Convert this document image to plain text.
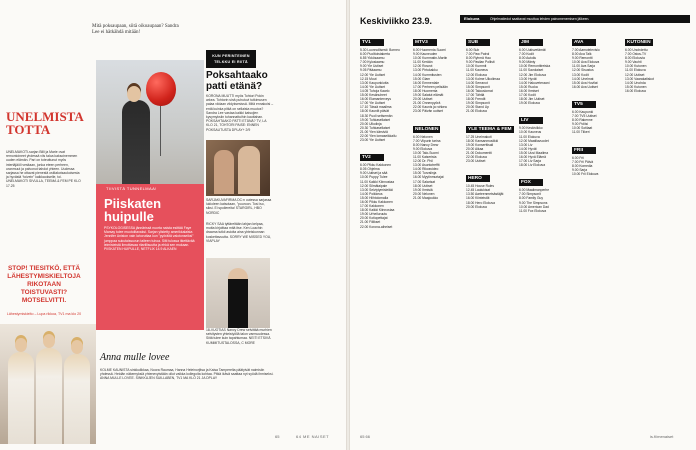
Mitä poksaupaan, siitä oikoaupaan? Sandra Lee ei hätkähdä mitään!
UNELMISTA TOTTA
UNELMAKOTI-sarjan Billi ja Marie ovat remontoineet yhdessä viis taloa kaksoinemmen uuden elämän. Pari on toteuttunut myös intertäjäöli vesitaan, jonka eteen perheen, uranmuut ja palvonut tahdot yhteen. Uudessa sarjassa he ottavat pienestä ostilakotsaukoisesta ja hyvästä “toivein” kaikkaokselle, toi. UNELMAKOTI SIVULLA, TEEMA & FEM PE KLO 17.25
STOP! TIESITKÖ, ETTÄ LÄHESTYMISKIELTOJA RIKOTAAN TOISTUVASTI? MOTSELVITTI.
Lähestymiskielto – Lupa rikkoa, TV1 ma klo 20
KUN PERINTEINEN TELKKU EI RIITÄ
Poksahtaako patti etänä?
KORONA MUUTTI myös Tohtori Pokin arkea. Tohtorin sinä puhutuvi tutkimusen palaa viidaan viidyksesissä. Mitä ennakoisi – entä kuinka pitkä on sellaista muutos? Sandra Lee vastaa kaikki katsojien kysymyksiin tuhannattuihin kauttahan. POKSAHTAAKO PATTI ETÄNÄ? TV, LA KLO 21, TOHTORI PAISE: ENNEN POKSAUTUSTA DPLAY+ 2/9
SARJAKUVAFIRMA DC:n uutessa sarjassa lukioleen katsotaan, ”puuroon. Tosi iso, siksi. Ei spoilereita! STARGIRL, HBO NORDIC
TIIVISTÄ TUNNELMAA!
Piiskaten huipulle
PSYKOLOGISESSA jännärissä nuorta naista esittää Faye Marsay tulee muotoiltavaksi. Sarjan ylistetty amerikkalaista Jennifer Aniston vain lahoruttaa kun ”pyöräitä valotonseiksi” jumppaa sukutaissuvun taiteen tuhoa. Silti tulossa itkettävää leimisteistä ilmoittavaa ritarillisuutta ja ehkä sen mukaan. PIISKATEN HUIPULLE, NETFLIX 14.9 ALKAEN
18-VUOTIAS Nancy Drew selvittää murhien selvitysten yhteistyöllä talon varmuudessa. Siitä tulee kuin tapahtumaa. NEITI ETSIVÄ KUMMITUSTALOSSA, C MORE
RICKY SAA tyttäreltään lahjan kelpaa, mutta kirjoittaa mitä itse. Ken Loachin draama tutkii asioita aina yhteiskunnan koskettavuutta. SORRY WE MISSED YOU, VIAPLAY
Anna mulle lovee
KOLME KAUNISTA sinkkulikkaa, Noora Raumaa, Hanna Heleinorjitsa ja Kaisa Tamperelta päätyivät naimisiin yhdessä. Heidän näkemyksiä yhtenevyistään ollut vaikka kollegoita kohtaa. Pitkä ikävä saattaa nyt syödä ihmiseksi. ANNA MULLE LOVEE. SINKKUJEN SUILLABEN, TV1 MA KLO 21 JA DPLAY
65	64 ME NAISET
Keskiviikko 23.9.	Elokuva	Ohjelmatiedot saattavat muuttua lehden painomenemisen jälkeen.
TV1
5.30 Luonnollisesti: Borneo
6.00 Puolitoistakerta
6.55 Ykkösaamu
7.00 Kylosiaamu
9.00 Yle Uutiset
9.05 Pääaamu
12.00 Yle Uutiset
12.15 Muut
13.00 Kaupunkiutta
14.00 Yle Uutiset
14.05 Tuhoja Kaarlo
15.00 Kesänuheet
16.00 Elamanterveys
17.00 Yle Uutiset
17.10 Tässä maailma
18.00 Kauniit päivät
18.30 Puoli seitsemän
19.00 Tuhkasellaiset
20.00 Ulkolinja
20.30 Tuhkasellaiset
21.00 Ylen kärsiviä
22.00 Ylen lomaseikkailu
23.00 Yle Uutiset
TV2
6.00 Pikku Kakkonen
8.05 Ohjelma
9.00 Uutiset ja sää
10.00 Puppy Tulee
11.00 Kaikki Kiinnostaa
12.00 Silmätaipale
13.00 Selviytymisleikki
14.00 Poikkeus
15.00 Hiihtolomalla
16.00 Pikku Kakkonen
17.00 Kakkonen
18.00 Kaikki Kiinnostaa
19.00 Urheiluruutu
20.00 Kotiopettajat
21.00 Fiilikset
22.00 Korona-aiheiset
MTV3
6.00 Huomenta Suomi
9.00 Kauneuden
10.00 Kummatin-Martin
11.00 Kerään
12.00 Rosvot
13.00 Pirtukakku
14.00 Kummitusten
15.00 Glam
16.00 Emmerdale
17.00 Perheen pelisään
18.00 Huomenta
19.00 Salatut elämät
20.00 Uutiset
21.00 Onnenpyörä
22.00 Kaunis ja rohkea
23.00 Päivän uutiset
NELONEN
6.00 Nelonen
7.00 Viipurin tarina
8.00 Nancy Drew
9.00 Elokuva
10.00 Talo-Suomi
11.00 Kaiserista
12.00 Dr. Phil
13.00 Asuntotreffit
14.00 Rikosvideo
15.00 Turvalinja
16.00 Myytinmurtajat
17.00 Salarisat
18.00 Uutiset
19.00 Ihmisiä
20.00 Nelonen
21.00 Maajoukko
SUB
6.00 Sub
7.00 Paw Patrol
8.00 Ryhmä Hau
9.00 Pasilan Poliisit
10.00 Kummit
11.00 Kauneus
12.00 Elokuva
13.00 Kolme Ulkoilmaa
14.00 Serranot
15.00 Simpsonit
16.00 Talouslomat
17.00 Tähtiä
18.00 Frendit
19.00 Simpsonit
20.00 Stand Up
21.00 Elokuva
YLE TEEMA & FEM
17.25 Unelmakoti
18.00 Kansanmusiikki
19.00 Konserttisali
20.00 Aikaa
21.00 Dokumentti
22.00 Elokuva
23.00 Uutiset
HERO
10.45 House Rules
12.45 Laulukisat
13.50 Aarteenmetsästäjät
16.00 Kiinteistöt
18.00 Hero Elokuva
20.00 Elokuva
JIM
6.00 Uutisvetämät
7.00 Kodit
8.00 Autoilu
9.00 Mänty
10.00 Remonttireiska
11.00 Savolaiset
12.00 Jim Elokuva
13.00 Hyvät
14.00 Hakuveteraani
15.00 Ruoka
16.00 Ihmiset
17.00 Kodit
18.00 Jim Uutiset
19.00 Elokuva
LIV
9.00 Keskiviikko
10.00 Kauneus
11.00 Elokuva
12.00 Maatilavuodet
13.00 Liv
14.00 Hyvät
15.00 Uusi Maailma
16.00 Hyvä Elämä
17.00 Liv Sarja
18.00 Liv Elokuva
FOX
6.00 Maailmanperhe
7.00 Simpsonit
8.00 Family Guy
9.00 The Simpsons
10.00 American Dad
11.00 Fox Elokuva
AVA
7.00 Aamutelevisio
8.00 Ava Talk
9.00 Remontti
10.00 Ava Elokuva
11.00 Ava Sarja
12.00 Sisustus
13.00 Kodit
14.00 Unelmat
15.00 Ava Huvilat
16.00 Ava Uutiset
TV5
6.00 Kaupunki
7.00 TV5 Uutiset
8.00 Rakenne
9.00 Poliisi
10.00 Sotilaat
11.00 Tiikeri
FRII
6.00 Frii
7.00 Frii Päivä
8.00 Komedia
9.00 Sarja
10.00 Frii Elokuva
KUTONEN
6.00 Unohdettu
7.00 Ostos-TV
8.00 Elokuvia
9.00 Vauhti
10.00 Kutonen
11.00 Elokuva
12.00 Uutiset
13.00 Vaarakatiskot
14.00 Unohda
15.00 Kutonen
16.00 Elokuva
65 66	is.fi/menaiset
